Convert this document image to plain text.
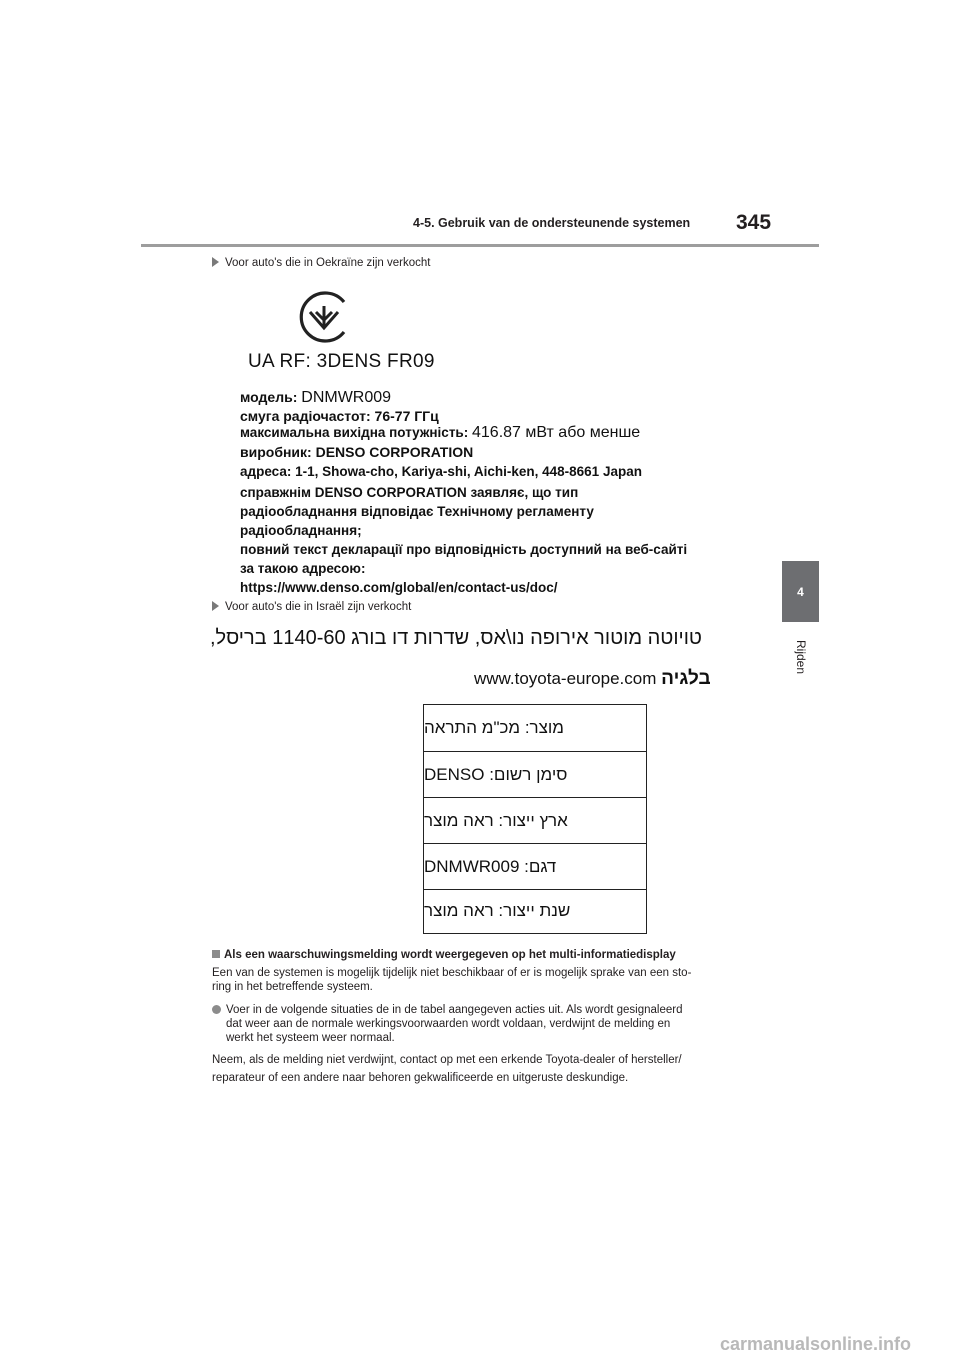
4-5. Gebruik van de ondersteunende systemen 345
4
Rijden
Voor auto's die in Oekraïne zijn verkocht
UA RF: 3DENS FR09
модель: DNMWR009
смуга радіочастот: 76-77 ГГц
максимальна вихідна потужність: 416.87 мВт або менше
виробник: DENSO CORPORATION
адреса: 1-1, Showa-cho, Kariya-shi, Aichi-ken, 448-8661 Japan
справжнім DENSO CORPORATION заявляє, що тип
радіообладнання відповідає Технічному регламенту
радіообладнання;
повний текст декларації про відповідність доступний на веб-сайті
за такою адресою:
https://www.denso.com/global/en/contact-us/doc/
Voor auto's die in Israël zijn verkocht
טויוטה מוטור אירופה נו\אס, שדרות דו בורג 1140-60 בריסל,
www.toyota-europe.com בלגיה
מוצר: מכ"מ התראה
סימן רשום: DENSO
ארץ ייצור: ראה מוצר
דגם: DNMWR009
שנת ייצור: ראה מוצר
Als een waarschuwingsmelding wordt weergegeven op het multi-informatiedisplay
Een van de systemen is mogelijk tijdelijk niet beschikbaar of er is mogelijk sprake van een sto-
ring in het betreffende systeem.
Voer in de volgende situaties de in de tabel aangegeven acties uit. Als wordt gesignaleerd
dat weer aan de normale werkingsvoorwaarden wordt voldaan, verdwijnt de melding en
werkt het systeem weer normaal.
Neem, als de melding niet verdwijnt, contact op met een erkende Toyota-dealer of hersteller/
reparateur of een andere naar behoren gekwalificeerde en uitgeruste deskundige.
carmanualsonline.info
